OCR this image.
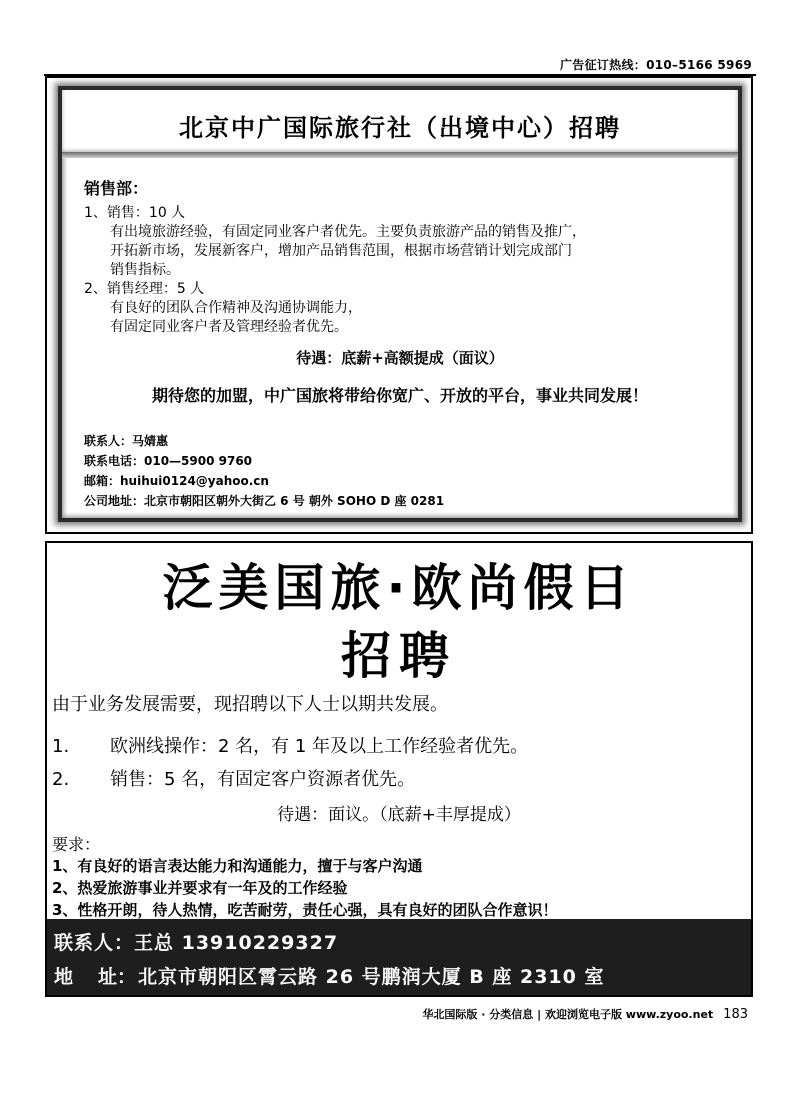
广告征订热线：010–5166 5969
北京中广国际旅行社（出境中心）招聘
销售部：
1、销售：10 人
有出境旅游经验，有固定同业客户者优先。主要负责旅游产品的销售及推广，
开拓新市场，发展新客户，增加产品销售范围，根据市场营销计划完成部门
销售指标。
2、销售经理：5 人
有良好的团队合作精神及沟通协调能力，
有固定同业客户者及管理经验者优先。
待遇：底薪+高额提成（面议）
期待您的加盟，中广国旅将带给你宽广、开放的平台，事业共同发展！
联系人：马婧惠
联系电话：010—5900 9760
邮箱：huihui0124@yahoo.cn
公司地址：北京市朝阳区朝外大街乙 6 号 朝外 SOHO D 座 0281
泛美国旅·欧尚假日
招聘
由于业务发展需要，现招聘以下人士以期共发展。
1. 欧洲线操作：2 名，有 1 年及以上工作经验者优先。
2. 销售：5 名，有固定客户资源者优先。
待遇：面议。（底薪+丰厚提成）
要求：
1、有良好的语言表达能力和沟通能力，擅于与客户沟通
2、热爱旅游事业并要求有一年及的工作经验
3、性格开朗，待人热情，吃苦耐劳，责任心强，具有良好的团队合作意识！
联系人：王总 13910229327
地 址： 北京市朝阳区霄云路 26 号鹏润大厦 B 座 2310 室
华北国际版 · 分类信息 | 欢迎浏览电子版 www.zyoo.net 183
